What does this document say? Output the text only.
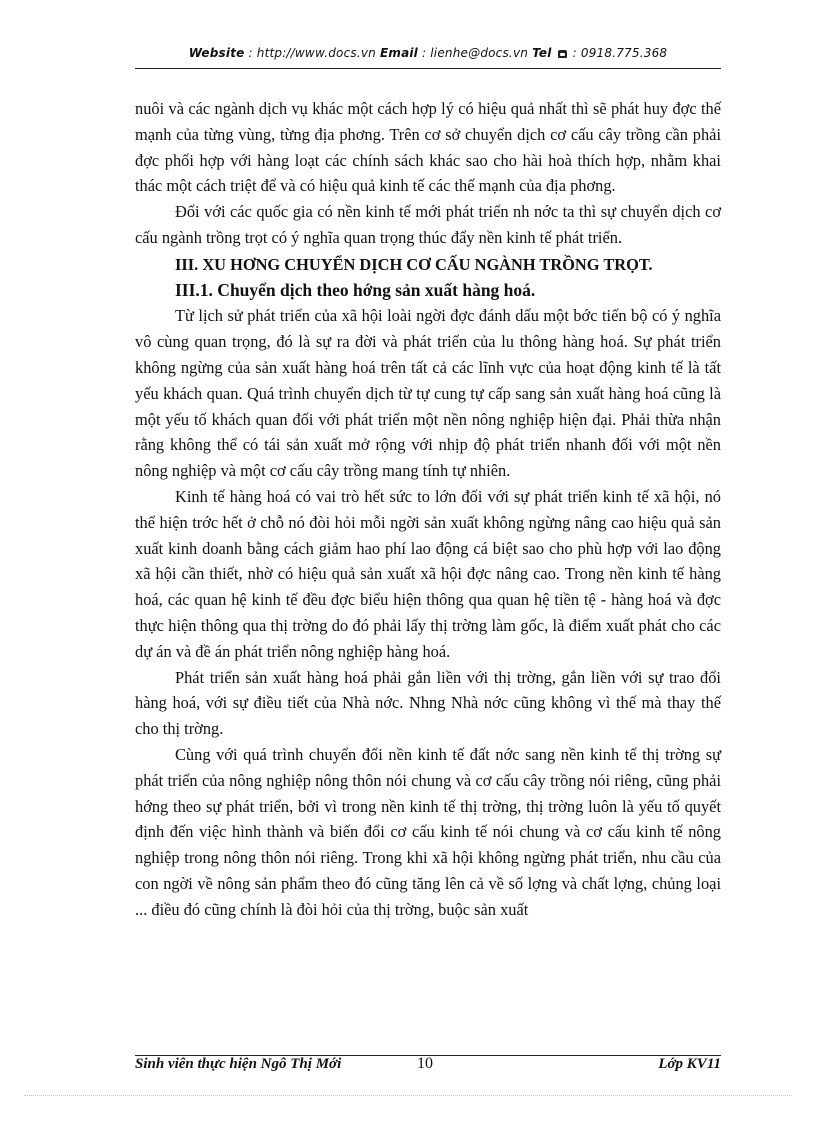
Website : http://www.docs.vn Email : lienhe@docs.vn Tel : 0918.775.368

nuôi và các ngành dịch vụ khác một cách hợp lý có hiệu quả nhất thì sẽ phát huy đợc thế mạnh của từng vùng, từng địa phơng. Trên cơ sở chuyển dịch cơ cấu cây trồng cần phải đợc phối hợp với hàng loạt các chính sách khác sao cho hài hoà thích hợp, nhằm khai thác một cách triệt để và có hiệu quả kinh tế các thế mạnh của địa phơng.

Đối với các quốc gia có nền kinh tế mới phát triển nh nớc ta thì sự chuyển dịch cơ cấu ngành trồng trọt có ý nghĩa quan trọng thúc đẩy nền kinh tế phát triển.

III. XU HƠNG CHUYỂN DỊCH CƠ CẤU NGÀNH TRỒNG TRỌT.
III.1. Chuyển dịch theo hớng sản xuất hàng hoá.

Từ lịch sử phát triển của xã hội loài ngời đợc đánh dấu một bớc tiến bộ có ý nghĩa vô cùng quan trọng, đó là sự ra đời và phát triển của lu thông hàng hoá. Sự phát triển không ngừng của sản xuất hàng hoá trên tất cả các lĩnh vực của hoạt động kinh tế là tất yếu khách quan. Quá trình chuyển dịch từ tự cung tự cấp sang sản xuất hàng hoá cũng là một yếu tố khách quan đối với phát triển một nền nông nghiệp hiện đại. Phải thừa nhận rằng không thể có tái sản xuất mở rộng với nhịp độ phát triển nhanh đối với một nền nông nghiệp và một cơ cấu cây trồng mang tính tự nhiên.

Kinh tế hàng hoá có vai trò hết sức to lớn đối với sự phát triển kinh tế xã hội, nó thể hiện trớc hết ở chỗ nó đòi hỏi mỗi ngời sản xuất không ngừng nâng cao hiệu quả sản xuất kinh doanh bằng cách giảm hao phí lao động cá biệt sao cho phù hợp với lao động xã hội cần thiết, nhờ có hiệu quả sản xuất xã hội đợc nâng cao. Trong nền kinh tế hàng hoá, các quan hệ kinh tế đều đợc biểu hiện thông qua quan hệ tiền tệ - hàng hoá và đợc thực hiện thông qua thị trờng do đó phải lấy thị trờng làm gốc, là điểm xuất phát cho các dự án và đề án phát triển nông nghiệp hàng hoá.

Phát triển sản xuất hàng hoá phải gắn liền với thị trờng, gắn liền với sự trao đổi hàng hoá, với sự điều tiết của Nhà nớc. Nhng Nhà nớc cũng không vì thế mà thay thế cho thị trờng.

Cùng với quá trình chuyển đổi nền kinh tế đất nớc sang nền kinh tế thị trờng sự phát triển của nông nghiệp nông thôn nói chung và cơ cấu cây trồng nói riêng, cũng phải hớng theo sự phát triển, bởi vì trong nền kinh tế thị trờng, thị trờng luôn là yếu tố quyết định đến việc hình thành và biến đổi cơ cấu kinh tế nói chung và cơ cấu kinh tế nông nghiệp trong nông thôn nói riêng. Trong khi xã hội không ngừng phát triển, nhu cầu của con ngời về nông sản phẩm theo đó cũng tăng lên cả về số lợng và chất lợng, chủng loại ... điều đó cũng chính là đòi hỏi của thị trờng, buộc sản xuất

Sinh viên thực hiện Ngô Thị Mới	10	Lớp KV11
